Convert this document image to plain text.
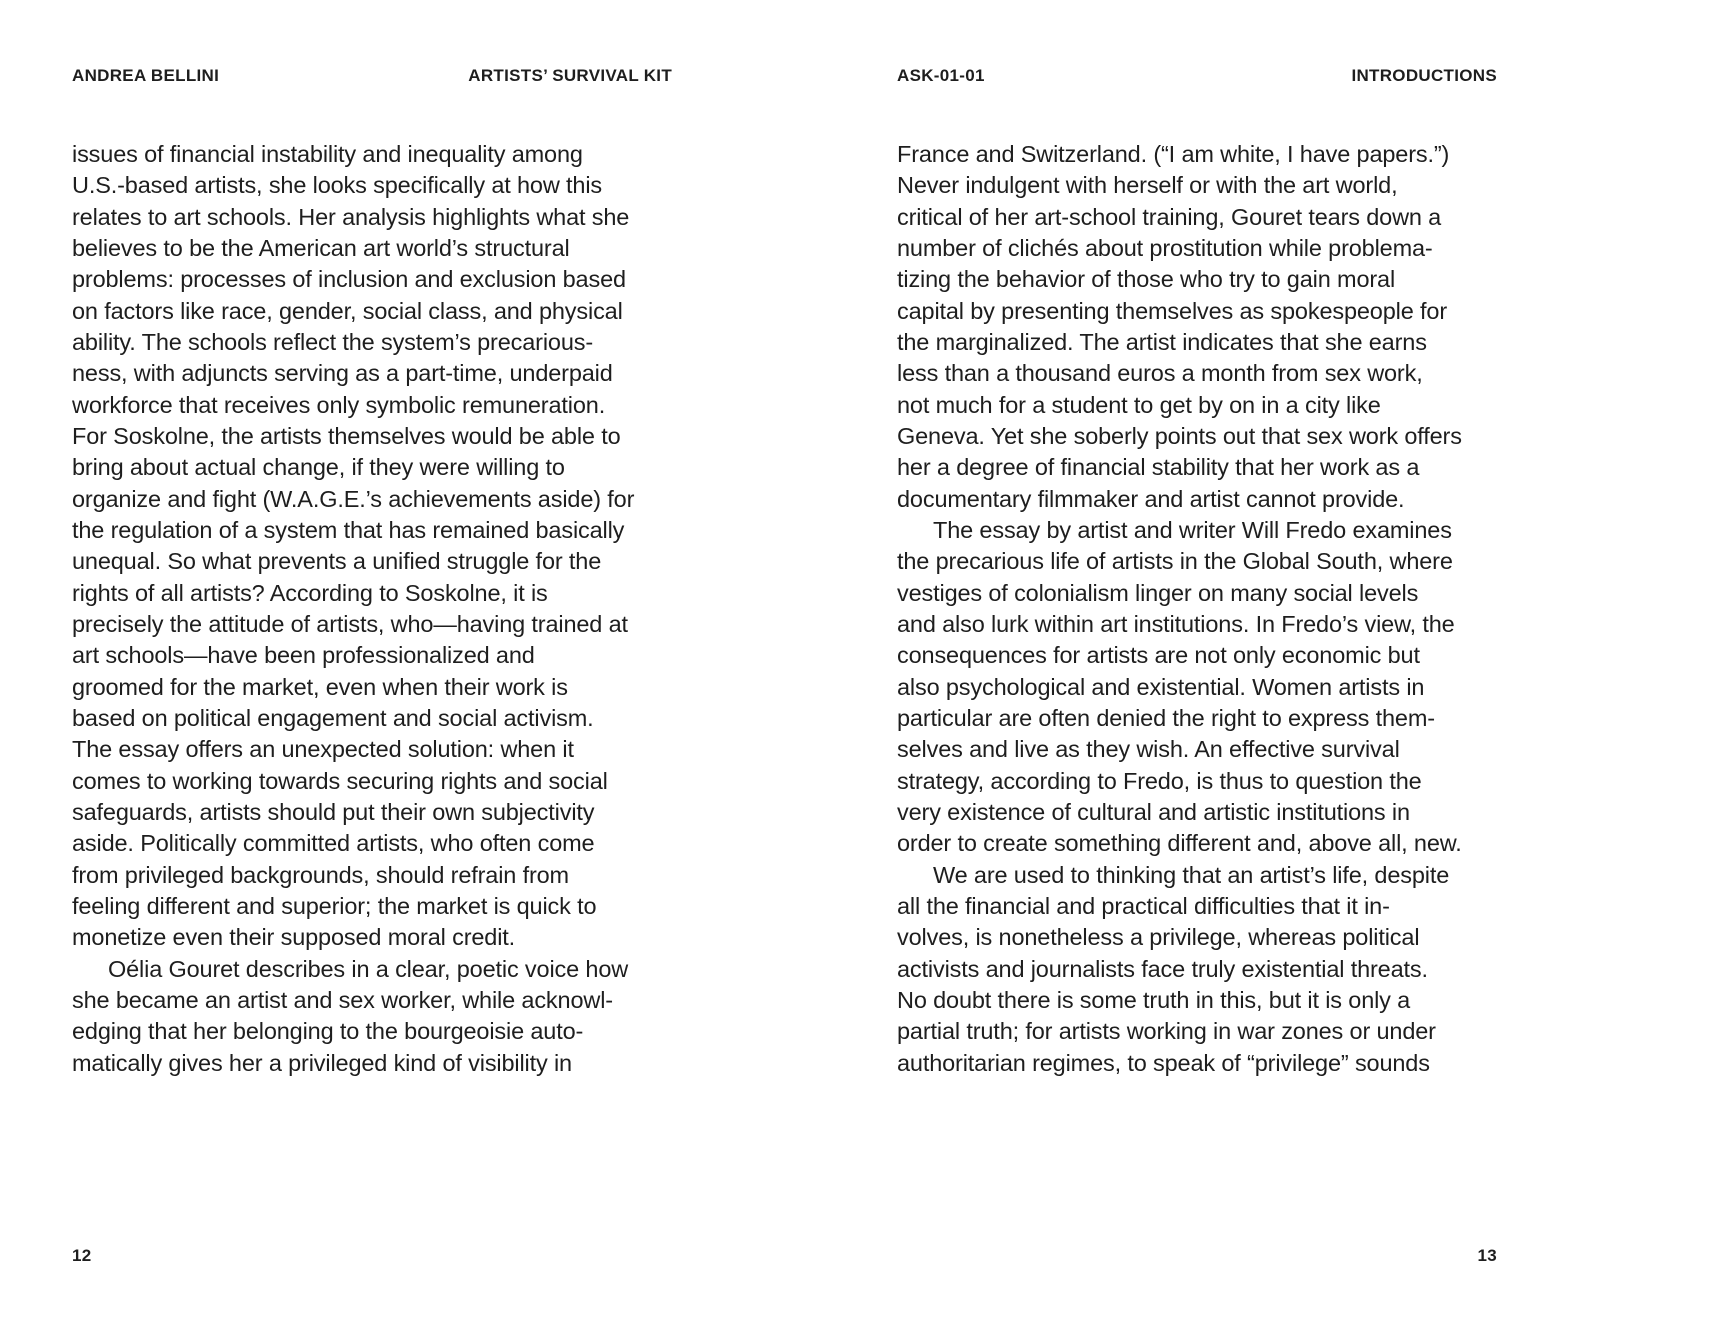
ANDREA BELLINI	ARTISTS’ SURVIVAL KIT
issues of financial instability and inequality among
U.S.-based artists, she looks specifically at how this
relates to art schools. Her analysis highlights what she
believes to be the American art world’s structural
problems: processes of inclusion and exclusion based
on factors like race, gender, social class, and physical
ability. The schools reflect the system’s precarious-
ness, with adjuncts serving as a part-time, underpaid
workforce that receives only symbolic remuneration.
For Soskolne, the artists themselves would be able to
bring about actual change, if they were willing to
organize and fight (W.A.G.E.’s achievements aside) for
the regulation of a system that has remained basically
unequal. So what prevents a unified struggle for the
rights of all artists? According to Soskolne, it is
precisely the attitude of artists, who—having trained at
art schools—have been professionalized and
groomed for the market, even when their work is
based on political engagement and social activism.
The essay offers an unexpected solution: when it
comes to working towards securing rights and social
safeguards, artists should put their own subjectivity
aside. Politically committed artists, who often come
from privileged backgrounds, should refrain from
feeling different and superior; the market is quick to
monetize even their supposed moral credit.
Oélia Gouret describes in a clear, poetic voice how
she became an artist and sex worker, while acknowl-
edging that her belonging to the bourgeoisie auto-
matically gives her a privileged kind of visibility in
12
ASK-01-01	INTRODUCTIONS
France and Switzerland. (“I am white, I have papers.”)
Never indulgent with herself or with the art world,
critical of her art-school training, Gouret tears down a
number of clichés about prostitution while problema-
tizing the behavior of those who try to gain moral
capital by presenting themselves as spokespeople for
the marginalized. The artist indicates that she earns
less than a thousand euros a month from sex work,
not much for a student to get by on in a city like
Geneva. Yet she soberly points out that sex work offers
her a degree of financial stability that her work as a
documentary filmmaker and artist cannot provide.
The essay by artist and writer Will Fredo examines
the precarious life of artists in the Global South, where
vestiges of colonialism linger on many social levels
and also lurk within art institutions. In Fredo’s view, the
consequences for artists are not only economic but
also psychological and existential. Women artists in
particular are often denied the right to express them-
selves and live as they wish. An effective survival
strategy, according to Fredo, is thus to question the
very existence of cultural and artistic institutions in
order to create something different and, above all, new.
We are used to thinking that an artist’s life, despite
all the financial and practical difficulties that it in-
volves, is nonetheless a privilege, whereas political
activists and journalists face truly existential threats.
No doubt there is some truth in this, but it is only a
partial truth; for artists working in war zones or under
authoritarian regimes, to speak of “privilege” sounds
13
